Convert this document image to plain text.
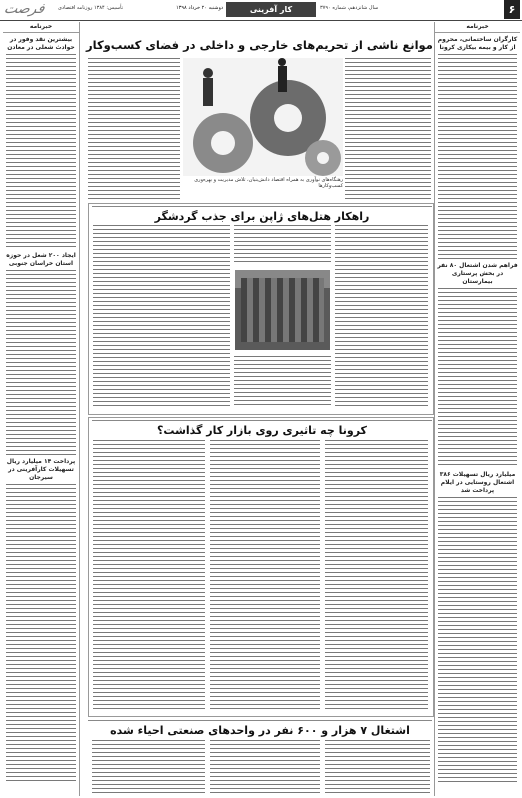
فرصت	تأسیس: ۱۳۸۴ روزنامه اقتصادی	دوشنبه ۲۰ خرداد ۱۳۹۸	کار آفرینی	سال شانزدهم، شماره ۳۷۹۰	۶
خبرنامه
بیشترین نقد وفور در حوادث شغلی در معادن
ایجاد ۲۰۰ شغل در حوزه استان خراسان جنوبی
پرداخت ۱۴ میلیارد ریال تسهیلات کارآفرینی در سیرجان
خبرنامه
کارگران ساختمانی، محروم از کار و بیمه بیکاری کرونا
فراهم شدن اشتغال ۸۰ نفر در بخش پرستاری بیمارستان
۳۸۶ میلیارد ریال تسهیلات اشتغال روستایی در ایلام پرداخت شد
موانع ناشی از تحریم‌های خارجی و داخلی در فضای کسب‌و‌کار
رهنگاه‌های نوآوری به همراه اقتصاد دانش‌بنیان، تلاش مدیریت و بهره‌وری کسب‌وکارها
راهکار هتل‌های ژاپن برای جذب گردشگر
کرونا چه تاثیری روی بازار کار گذاشت؟
اشتغال ۷ هزار و ۶۰۰ نفر در واحدهای صنعتی احیاء شده
